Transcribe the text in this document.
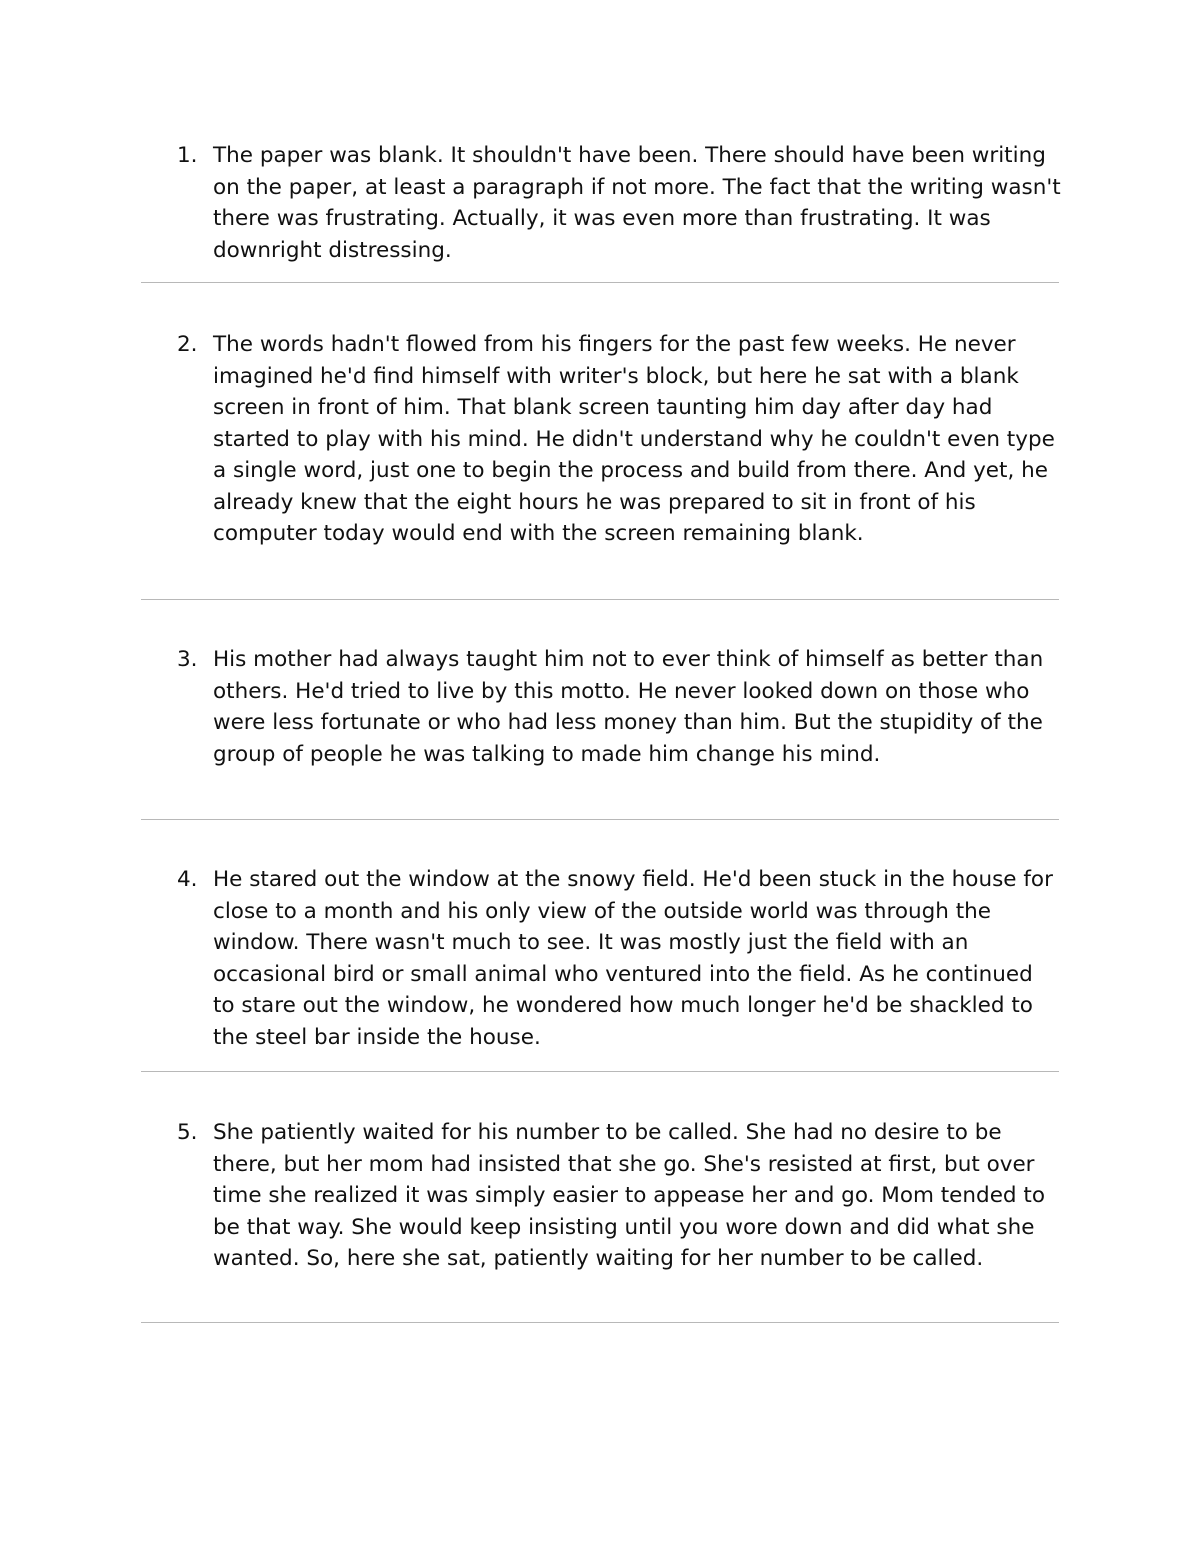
1. The paper was blank. It shouldn't have been. There should have been writing on the paper, at least a paragraph if not more. The fact that the writing wasn't there was frustrating. Actually, it was even more than frustrating. It was downright distressing.
2. The words hadn't flowed from his fingers for the past few weeks. He never imagined he'd find himself with writer's block, but here he sat with a blank screen in front of him. That blank screen taunting him day after day had started to play with his mind. He didn't understand why he couldn't even type a single word, just one to begin the process and build from there. And yet, he already knew that the eight hours he was prepared to sit in front of his computer today would end with the screen remaining blank.
3. His mother had always taught him not to ever think of himself as better than others. He'd tried to live by this motto. He never looked down on those who were less fortunate or who had less money than him. But the stupidity of the group of people he was talking to made him change his mind.
4. He stared out the window at the snowy field. He'd been stuck in the house for close to a month and his only view of the outside world was through the window. There wasn't much to see. It was mostly just the field with an occasional bird or small animal who ventured into the field. As he continued to stare out the window, he wondered how much longer he'd be shackled to the steel bar inside the house.
5. She patiently waited for his number to be called. She had no desire to be there, but her mom had insisted that she go. She's resisted at first, but over time she realized it was simply easier to appease her and go. Mom tended to be that way. She would keep insisting until you wore down and did what she wanted. So, here she sat, patiently waiting for her number to be called.
